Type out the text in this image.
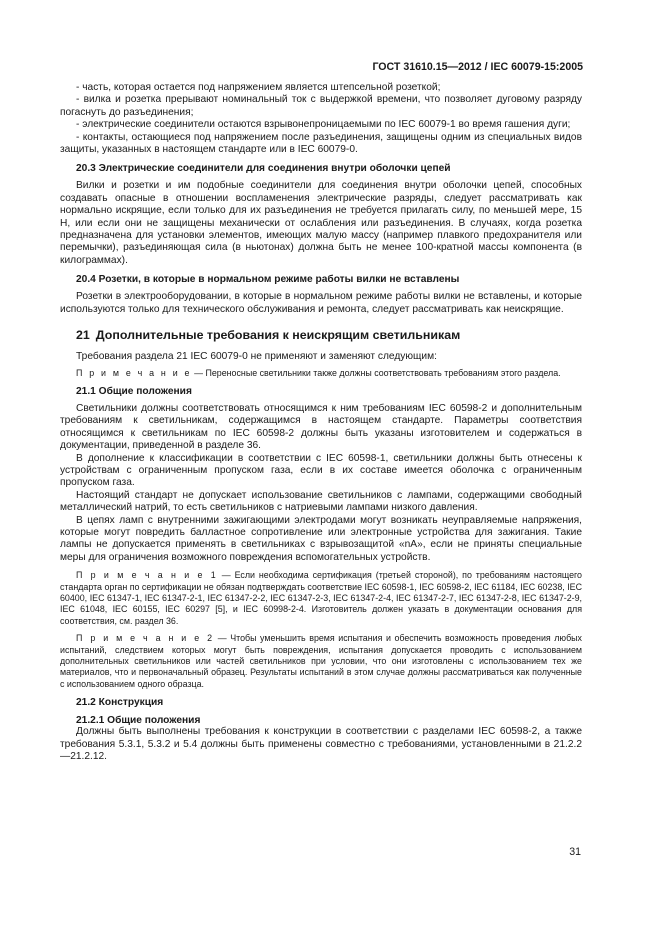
ГОСТ 31610.15—2012 / IEC 60079-15:2005

- часть, которая остается под напряжением является штепсельной розеткой;

- вилка и розетка прерывают номинальный ток с выдержкой времени, что позволяет дуговому разряду погаснуть до разъединения;

- электрические соединители остаются взрывонепроницаемыми по IEC 60079-1 во время гашения дуги;

- контакты, остающиеся под напряжением после разъединения, защищены одним из специальных видов защиты, указанных в настоящем стандарте или в IEC 60079-0.

20.3 Электрические соединители для соединения внутри оболочки цепей

Вилки и розетки и им подобные соединители для соединения внутри оболочки цепей, способных создавать опасные в отношении воспламенения электрические разряды, следует рассматривать как нормально искрящие, если только для их разъединения не требуется прилагать силу, по меньшей мере, 15 Н, или если они не защищены механически от ослабления или разъединения. В случаях, когда розетка предназначена для установки элементов, имеющих малую массу (например плавкого предохранителя или перемычки), разъединяющая сила (в ньютонах) должна быть не менее 100-кратной массы компонента (в килограммах).

20.4 Розетки, в которые в нормальном режиме работы вилки не вставлены

Розетки в электрооборудовании, в которые в нормальном режиме работы вилки не вставлены, и которые используются только для технического обслуживания и ремонта, следует рассматривать как неискрящие.

21 Дополнительные требования к неискрящим светильникам

Требования раздела 21 IEC 60079-0 не применяют и заменяют следующим:

П р и м е ч а н и е — Переносные светильники также должны соответствовать требованиям этого раздела.

21.1 Общие положения

Светильники должны соответствовать относящимся к ним требованиям IEC 60598-2 и дополнительным требованиям к светильникам, содержащимся в настоящем стандарте. Параметры соответствия относящимся к светильникам по IEC 60598-2 должны быть указаны изготовителем и содержаться в документации, приведенной в разделе 36.

В дополнение к классификации в соответствии с IEC 60598-1, светильники должны быть отнесены к устройствам с ограниченным пропуском газа, если в их составе имеется оболочка с ограниченным пропуском газа.

Настоящий стандарт не допускает использование светильников с лампами, содержащими свободный металлический натрий, то есть светильников с натриевыми лампами низкого давления.

В цепях ламп с внутренними зажигающими электродами могут возникать неуправляемые напряжения, которые могут повредить балластное сопротивление или электронные устройства для зажигания. Такие лампы не допускается применять в светильниках с взрывозащитой «nA», если не приняты специальные меры для ограничения возможного повреждения вспомогательных устройств.

П р и м е ч а н и е 1 — Если необходима сертификация (третьей стороной), по требованиям настоящего стандарта орган по сертификации не обязан подтверждать соответствие IEC 60598-1, IEC 60598-2, IEC 61184, IEC 60238, IEC 60400, IEC 61347-1, IEC 61347-2-1, IEC 61347-2-2, IEC 61347-2-3, IEC 61347-2-4, IEC 61347-2-7, IEC 61347-2-8, IEC 61347-2-9, IEC 61048, IEC 60155, IEC 60297 [5], и IEC 60998-2-4. Изготовитель должен указать в документации основания для соответствия, см. раздел 36.

П р и м е ч а н и е 2 — Чтобы уменьшить время испытания и обеспечить возможность проведения любых испытаний, следствием которых могут быть повреждения, испытания допускается проводить с использованием дополнительных светильников или частей светильников при условии, что они изготовлены с использованием тех же материалов, что и первоначальный образец. Результаты испытаний в этом случае должны рассматриваться как полученные с использованием одного образца.

21.2 Конструкция
21.2.1 Общие положения

Должны быть выполнены требования к конструкции в соответствии с разделами IEC 60598-2, а также требования 5.3.1, 5.3.2 и 5.4 должны быть применены совместно с требованиями, установленными в 21.2.2—21.2.12.

31
